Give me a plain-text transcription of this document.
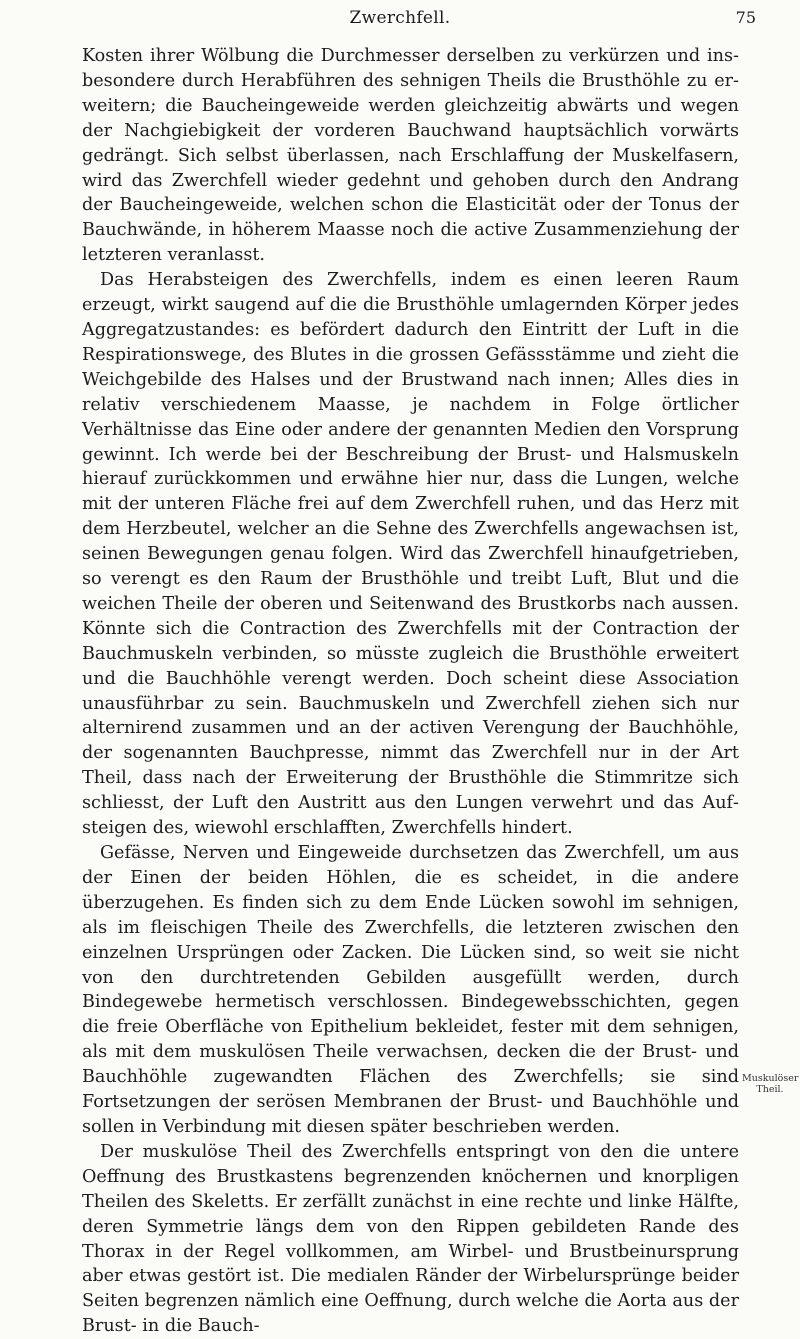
Zwerchfell.	75

Kosten ihrer Wölbung die Durchmesser derselben zu verkürzen und insbesondere durch Herabführen des sehnigen Theils die Brusthöhle zu erweitern; die Baucheingeweide werden gleichzeitig abwärts und wegen der Nachgiebigkeit der vorderen Bauchwand hauptsächlich vorwärts gedrängt. Sich selbst überlassen, nach Erschlaffung der Muskelfasern, wird das Zwerchfell wieder gedehnt und gehoben durch den Andrang der Baucheingeweide, welchen schon die Elasticität oder der Tonus der Bauchwände, in höherem Maasse noch die active Zusammenziehung der letzteren veranlasst.

Das Herabsteigen des Zwerchfells, indem es einen leeren Raum erzeugt, wirkt saugend auf die die Brusthöhle umlagernden Körper jedes Aggregatzustandes: es befördert dadurch den Eintritt der Luft in die Respirationswege, des Blutes in die grossen Gefässstämme und zieht die Weichgebilde des Halses und der Brustwand nach innen; Alles dies in relativ verschiedenem Maasse, je nachdem in Folge örtlicher Verhältnisse das Eine oder andere der genannten Medien den Vorsprung gewinnt. Ich werde bei der Beschreibung der Brust- und Halsmuskeln hierauf zurückkommen und erwähne hier nur, dass die Lungen, welche mit der unteren Fläche frei auf dem Zwerchfell ruhen, und das Herz mit dem Herzbeutel, welcher an die Sehne des Zwerchfells angewachsen ist, seinen Bewegungen genau folgen. Wird das Zwerchfell hinaufgetrieben, so verengt es den Raum der Brusthöhle und treibt Luft, Blut und die weichen Theile der oberen und Seitenwand des Brustkorbs nach aussen. Könnte sich die Contraction des Zwerchfells mit der Contraction der Bauchmuskeln verbinden, so müsste zugleich die Brusthöhle erweitert und die Bauchhöhle verengt werden. Doch scheint diese Association unausführbar zu sein. Bauchmuskeln und Zwerchfell ziehen sich nur alternirend zusammen und an der activen Verengung der Bauchhöhle, der sogenannten Bauchpresse, nimmt das Zwerchfell nur in der Art Theil, dass nach der Erweiterung der Brusthöhle die Stimmritze sich schliesst, der Luft den Austritt aus den Lungen verwehrt und das Aufsteigen des, wiewohl erschlafften, Zwerchfells hindert.

Gefässe, Nerven und Eingeweide durchsetzen das Zwerchfell, um aus der Einen der beiden Höhlen, die es scheidet, in die andere überzugehen. Es finden sich zu dem Ende Lücken sowohl im sehnigen, als im fleischigen Theile des Zwerchfells, die letzteren zwischen den einzelnen Ursprüngen oder Zacken. Die Lücken sind, so weit sie nicht von den durchtretenden Gebilden ausgefüllt werden, durch Bindegewebe hermetisch verschlossen. Bindegewebsschichten, gegen die freie Oberfläche von Epithelium bekleidet, fester mit dem sehnigen, als mit dem muskulösen Theile verwachsen, decken die der Brust- und Bauchhöhle zugewandten Flächen des Zwerchfells; sie sind Fortsetzungen der serösen Membranen der Brust- und Bauchhöhle und sollen in Verbindung mit diesen später beschrieben werden.

Der muskulöse Theil des Zwerchfells entspringt von den die untere Oeffnung des Brustkastens begrenzenden knöchernen und knorpligen Theilen des Skeletts. Er zerfällt zunächst in eine rechte und linke Hälfte, deren Symmetrie längs dem von den Rippen gebildeten Rande des Thorax in der Regel vollkommen, am Wirbel- und Brustbeinursprung aber etwas gestört ist. Die medialen Ränder der Wirbelursprünge beider Seiten begrenzen nämlich eine Oeffnung, durch welche die Aorta aus der Brust- in die Bauch-

Muskulöser Theil.
